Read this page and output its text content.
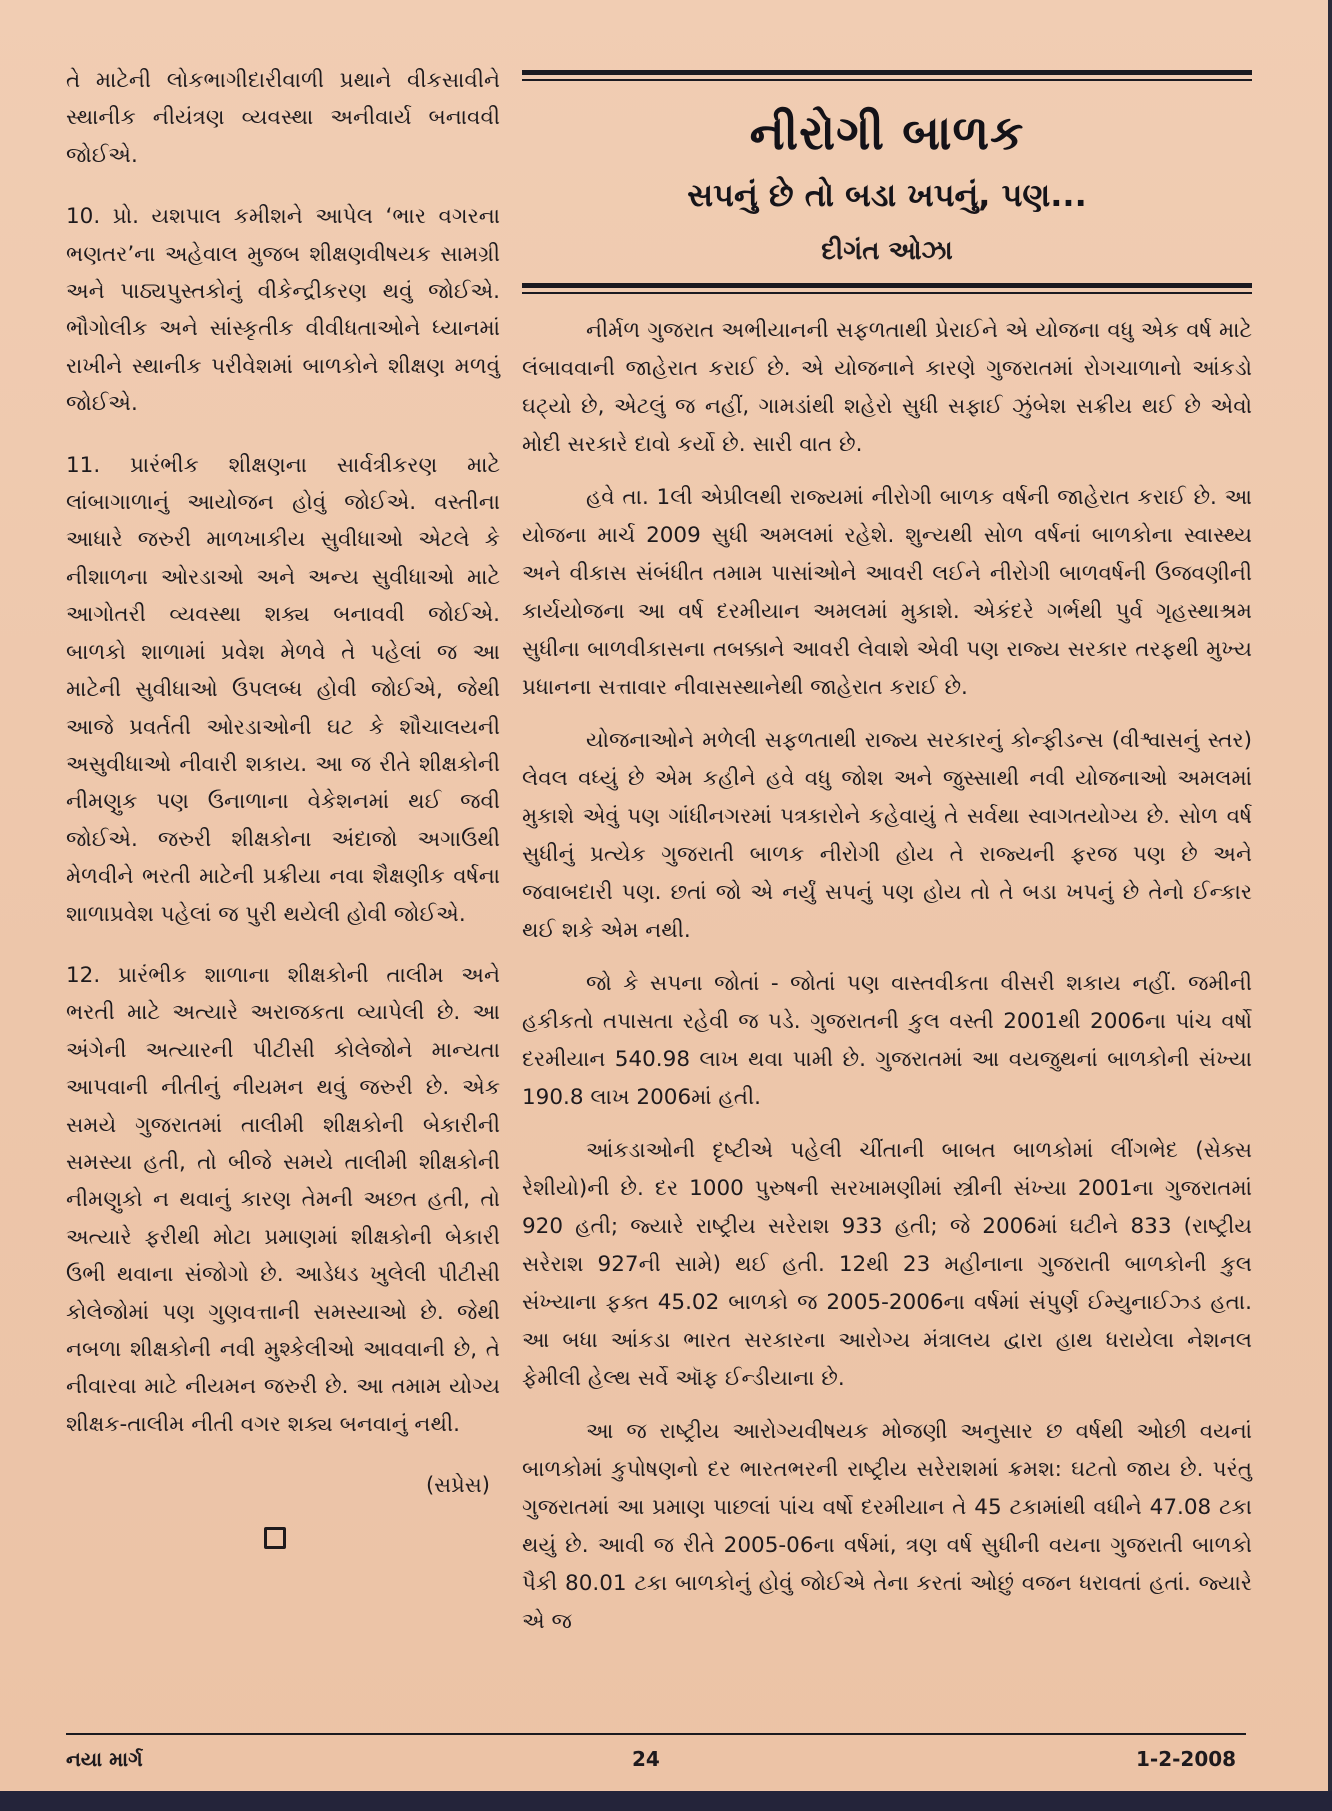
તે માટેની લોકભાગીદારીવાળી પ્રથાને વીકસાવીને સ્થાનીક નીયંત્રણ વ્યવસ્થા અનીવાર્ય બનાવવી જોઈએ.

10. પ્રો. યશપાલ કમીશને આપેલ ‘ભાર વગરના ભણતર’ના અહેવાલ મુજબ શીક્ષણવીષયક સામગ્રી અને પાઠ્યપુસ્તકોનું વીકેન્દ્રીકરણ થવું જોઈએ. ભૌગોલીક અને સાંસ્કૃતીક વીવીધતાઓને ધ્યાનમાં રાખીને સ્થાનીક પરીવેશમાં બાળકોને શીક્ષણ મળવું જોઈએ.

11. પ્રારંભીક શીક્ષણના સાર્વત્રીકરણ માટે લાંબાગાળાનું આયોજન હોવું જોઈએ. વસ્તીના આધારે જરુરી માળખાકીય સુવીધાઓ એટલે કે નીશાળના ઓરડાઓ અને અન્ય સુવીધાઓ માટે આગોતરી વ્યવસ્થા શક્ય બનાવવી જોઈએ. બાળકો શાળામાં પ્રવેશ મેળવે તે પહેલાં જ આ માટેની સુવીધાઓ ઉપલબ્ધ હોવી જોઈએ, જેથી આજે પ્રવર્તતી ઓરડાઓની ઘટ કે શૌચાલયની અસુવીધાઓ નીવારી શકાય. આ જ રીતે શીક્ષકોની નીમણુક પણ ઉનાળાના વેકેશનમાં થઈ જવી જોઈએ. જરુરી શીક્ષકોના અંદાજો અગાઉથી મેળવીને ભરતી માટેની પ્રક્રીયા નવા શૈક્ષણીક વર્ષના શાળાપ્રવેશ પહેલાં જ પુરી થયેલી હોવી જોઈએ.

12. પ્રારંભીક શાળાના શીક્ષકોની તાલીમ અને ભરતી માટે અત્યારે અરાજકતા વ્યાપેલી છે. આ અંગેની અત્યારની પીટીસી કોલેજોને માન્યતા આપવાની નીતીનું નીયમન થવું જરુરી છે. એક સમયે ગુજરાતમાં તાલીમી શીક્ષકોની બેકારીની સમસ્યા હતી, તો બીજે સમયે તાલીમી શીક્ષકોની નીમણુકો ન થવાનું કારણ તેમની અછત હતી, તો અત્યારે ફરીથી મોટા પ્રમાણમાં શીક્ષકોની બેકારી ઉભી થવાના સંજોગો છે. આડેધડ ખુલેલી પીટીસી કોલેજોમાં પણ ગુણવત્તાની સમસ્યાઓ છે. જેથી નબળા શીક્ષકોની નવી મુશ્કેલીઓ આવવાની છે, તે નીવારવા માટે નીયમન જરુરી છે. આ તમામ યોગ્ય શીક્ષક-તાલીમ નીતી વગર શક્ય બનવાનું નથી.

(સપ્રેસ)
નીરોગી બાળક
સપનું છે તો બડા ખપનું, પણ...
દીગંત ઓઝા

નીર્મળ ગુજરાત અભીયાનની સફળતાથી પ્રેરાઈને એ યોજના વધુ એક વર્ષ માટે લંબાવવાની જાહેરાત કરાઈ છે. એ યોજનાને કારણે ગુજરાતમાં રોગચાળાનો આંકડો ઘટ્યો છે, એટલું જ નહીં, ગામડાંથી શહેરો સુધી સફાઈ ઝુંબેશ સક્રીય થઈ છે એવો મોદી સરકારે દાવો કર્યો છે. સારી વાત છે.

હવે તા. 1લી એપ્રીલથી રાજ્યમાં નીરોગી બાળક વર્ષની જાહેરાત કરાઈ છે. આ યોજના માર્ચ 2009 સુધી અમલમાં રહેશે. શુન્યથી સોળ વર્ષનાં બાળકોના સ્વાસ્થ્ય અને વીકાસ સંબંધીત તમામ પાસાંઓને આવરી લઈને નીરોગી બાળવર્ષની ઉજવણીની કાર્યયોજના આ વર્ષ દરમીયાન અમલમાં મુકાશે. એકંદરે ગર્ભથી પુર્વ ગૃહસ્થાશ્રમ સુધીના બાળવીકાસના તબક્કાને આવરી લેવાશે એવી પણ રાજ્ય સરકાર તરફથી મુખ્ય પ્રધાનના સત્તાવાર નીવાસસ્થાનેથી જાહેરાત કરાઈ છે.

યોજનાઓને મળેલી સફળતાથી રાજ્ય સરકારનું કોન્ફીડન્સ (વીશ્વાસનું સ્તર) લેવલ વધ્યું છે એમ કહીને હવે વધુ જોશ અને જુસ્સાથી નવી યોજનાઓ અમલમાં મુકાશે એવું પણ ગાંધીનગરમાં પત્રકારોને કહેવાયું તે સર્વથા સ્વાગતયોગ્ય છે. સોળ વર્ષ સુધીનું પ્રત્યેક ગુજરાતી બાળક નીરોગી હોય તે રાજ્યની ફરજ પણ છે અને જવાબદારી પણ. છતાં જો એ નર્યું સપનું પણ હોય તો તે બડા ખપનું છે તેનો ઈન્કાર થઈ શકે એમ નથી.

જો કે સપના જોતાં - જોતાં પણ વાસ્તવીકતા વીસરી શકાય નહીં. જમીની હકીકતો તપાસતા રહેવી જ પડે. ગુજરાતની કુલ વસ્તી 2001થી 2006ના પાંચ વર્ષો દરમીયાન 540.98 લાખ થવા પામી છે. ગુજરાતમાં આ વયજુથનાં બાળકોની સંખ્યા 190.8 લાખ 2006માં હતી.

આંકડાઓની દૃષ્ટીએ પહેલી ચીંતાની બાબત બાળકોમાં લીંગભેદ (સેક્સ રેશીયો)ની છે. દર 1000 પુરુષની સરખામણીમાં સ્ત્રીની સંખ્યા 2001ના ગુજરાતમાં 920 હતી; જ્યારે રાષ્ટ્રીય સરેરાશ 933 હતી; જે 2006માં ઘટીને 833 (રાષ્ટ્રીય સરેરાશ 927ની સામે) થઈ હતી. 12થી 23 મહીનાના ગુજરાતી બાળકોની કુલ સંખ્યાના ફક્ત 45.02 બાળકો જ 2005-2006ના વર્ષમાં સંપુર્ણ ઈમ્યુનાઈઝ્ડ હતા. આ બધા આંકડા ભારત સરકારના આરોગ્ય મંત્રાલય દ્વારા હાથ ધરાયેલા નેશનલ ફેમીલી હેલ્થ સર્વે ઑફ ઈન્ડીયાના છે.

આ જ રાષ્ટ્રીય આરોગ્યવીષયક મોજણી અનુસાર છ વર્ષથી ઓછી વયનાં બાળકોમાં કુપોષણનો દર ભારતભરની રાષ્ટ્રીય સરેરાશમાં ક્રમશ: ઘટતો જાય છે. પરંતુ ગુજરાતમાં આ પ્રમાણ પાછલાં પાંચ વર્ષો દરમીયાન તે 45 ટકામાંથી વધીને 47.08 ટકા થયું છે. આવી જ રીતે 2005-06ના વર્ષમાં, ત્રણ વર્ષ સુધીની વયના ગુજરાતી બાળકો પૈકી 80.01 ટકા બાળકોનું હોવું જોઈએ તેના કરતાં ઓછું વજન ધરાવતાં હતાં. જ્યારે એ જ

નયા માર્ગ	24	1-2-2008
